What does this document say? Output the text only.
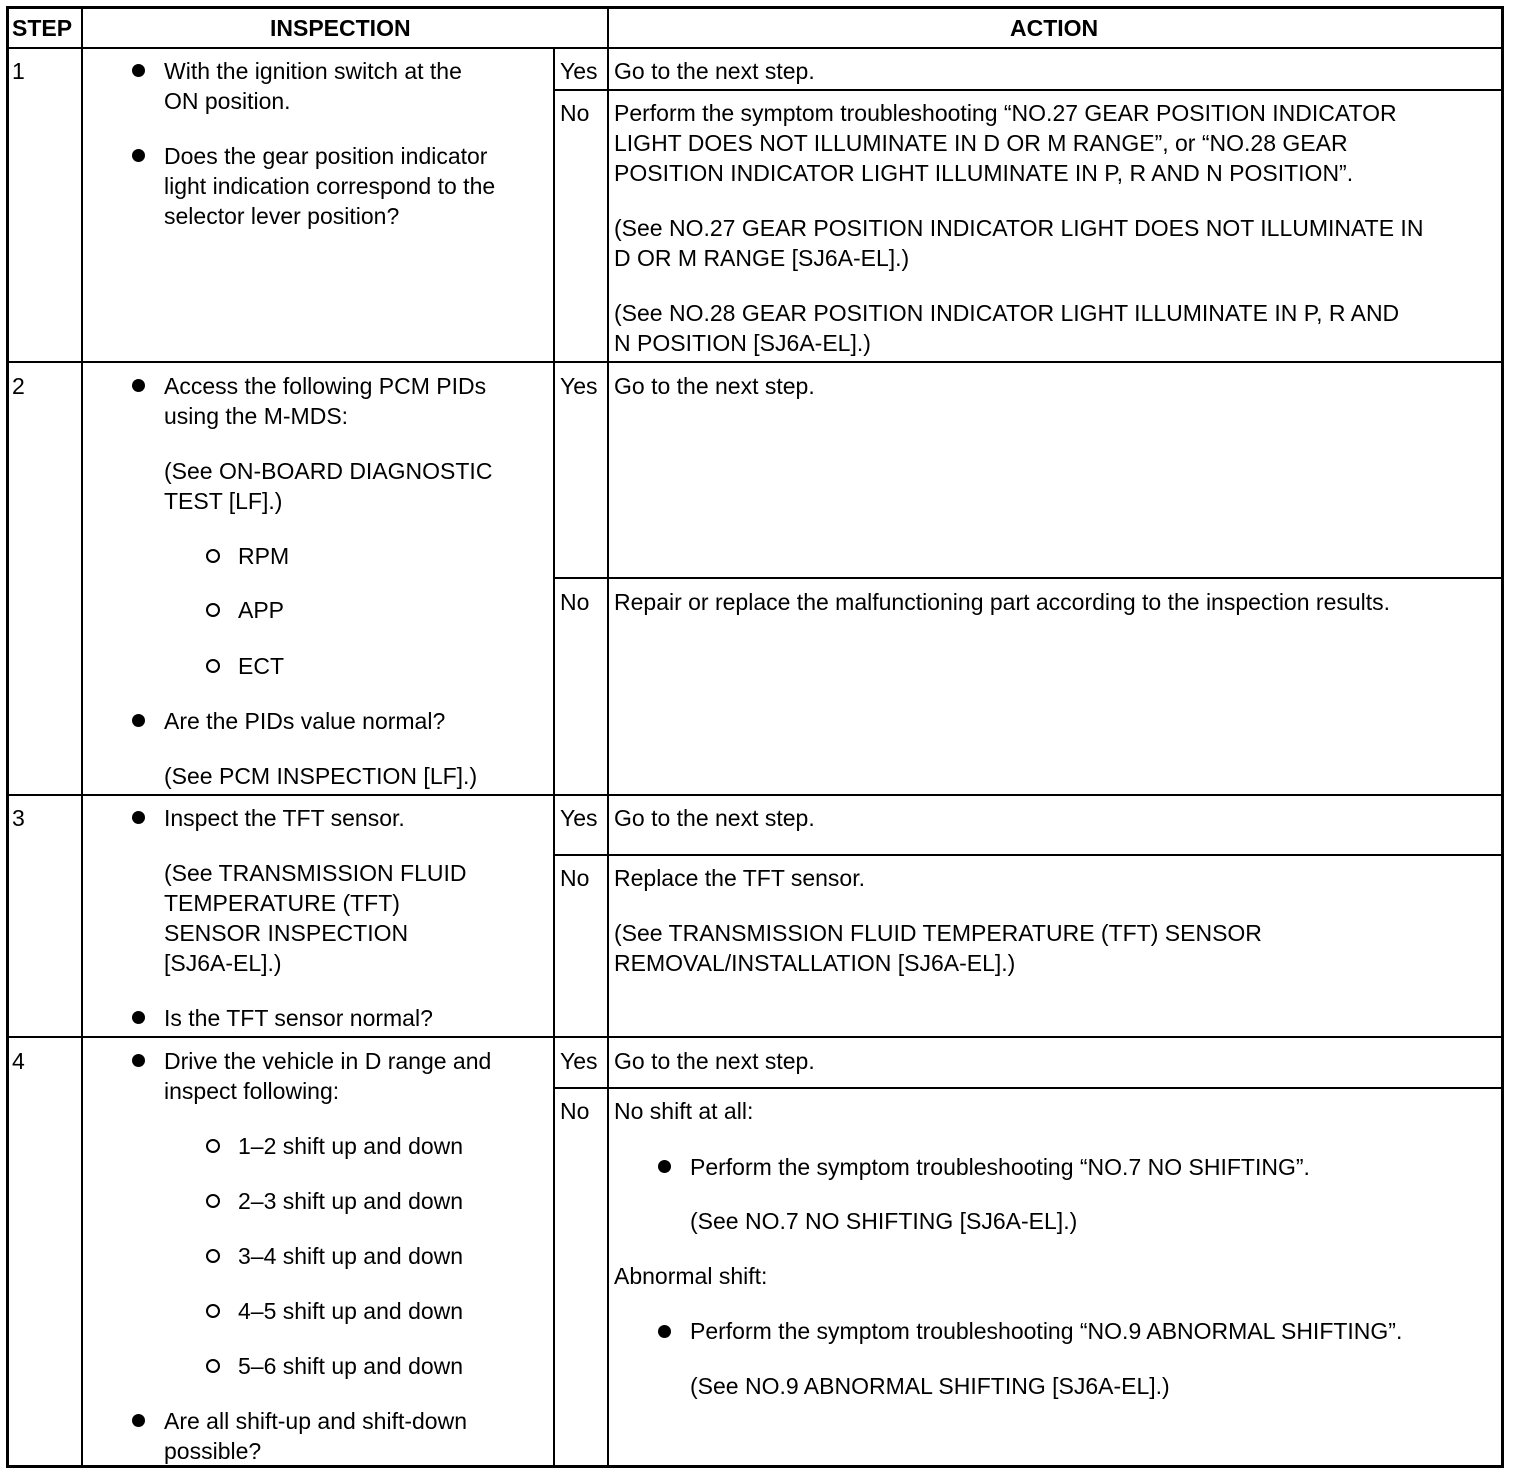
STEP	INSPECTION	ACTION
1	With the ignition switch at the
ON position.
Does the gear position indicator
light indication correspond to the
selector lever position?
Yes Go to the next step.
No Perform the symptom troubleshooting “NO.27 GEAR POSITION INDICATOR
LIGHT DOES NOT ILLUMINATE IN D OR M RANGE”, or “NO.28 GEAR
POSITION INDICATOR LIGHT ILLUMINATE IN P, R AND N POSITION”.
(See NO.27 GEAR POSITION INDICATOR LIGHT DOES NOT ILLUMINATE IN
D OR M RANGE [SJ6A-EL].)
(See NO.28 GEAR POSITION INDICATOR LIGHT ILLUMINATE IN P, R AND
N POSITION [SJ6A-EL].)
2	Access the following PCM PIDs
using the M-MDS:
(See ON-BOARD DIAGNOSTIC
TEST [LF].)
RPM
APP
ECT
Are the PIDs value normal?
(See PCM INSPECTION [LF].)
Yes Go to the next step.
No Repair or replace the malfunctioning part according to the inspection results.
3	Inspect the TFT sensor.
(See TRANSMISSION FLUID
TEMPERATURE (TFT)
SENSOR INSPECTION
[SJ6A-EL].)
Is the TFT sensor normal?
Yes Go to the next step.
No Replace the TFT sensor.
(See TRANSMISSION FLUID TEMPERATURE (TFT) SENSOR
REMOVAL/INSTALLATION [SJ6A-EL].)
4	Drive the vehicle in D range and
inspect following:
1–2 shift up and down
2–3 shift up and down
3–4 shift up and down
4–5 shift up and down
5–6 shift up and down
Are all shift-up and shift-down
possible?
Yes Go to the next step.
No No shift at all:
Perform the symptom troubleshooting “NO.7 NO SHIFTING”.
(See NO.7 NO SHIFTING [SJ6A-EL].)
Abnormal shift:
Perform the symptom troubleshooting “NO.9 ABNORMAL SHIFTING”.
(See NO.9 ABNORMAL SHIFTING [SJ6A-EL].)
